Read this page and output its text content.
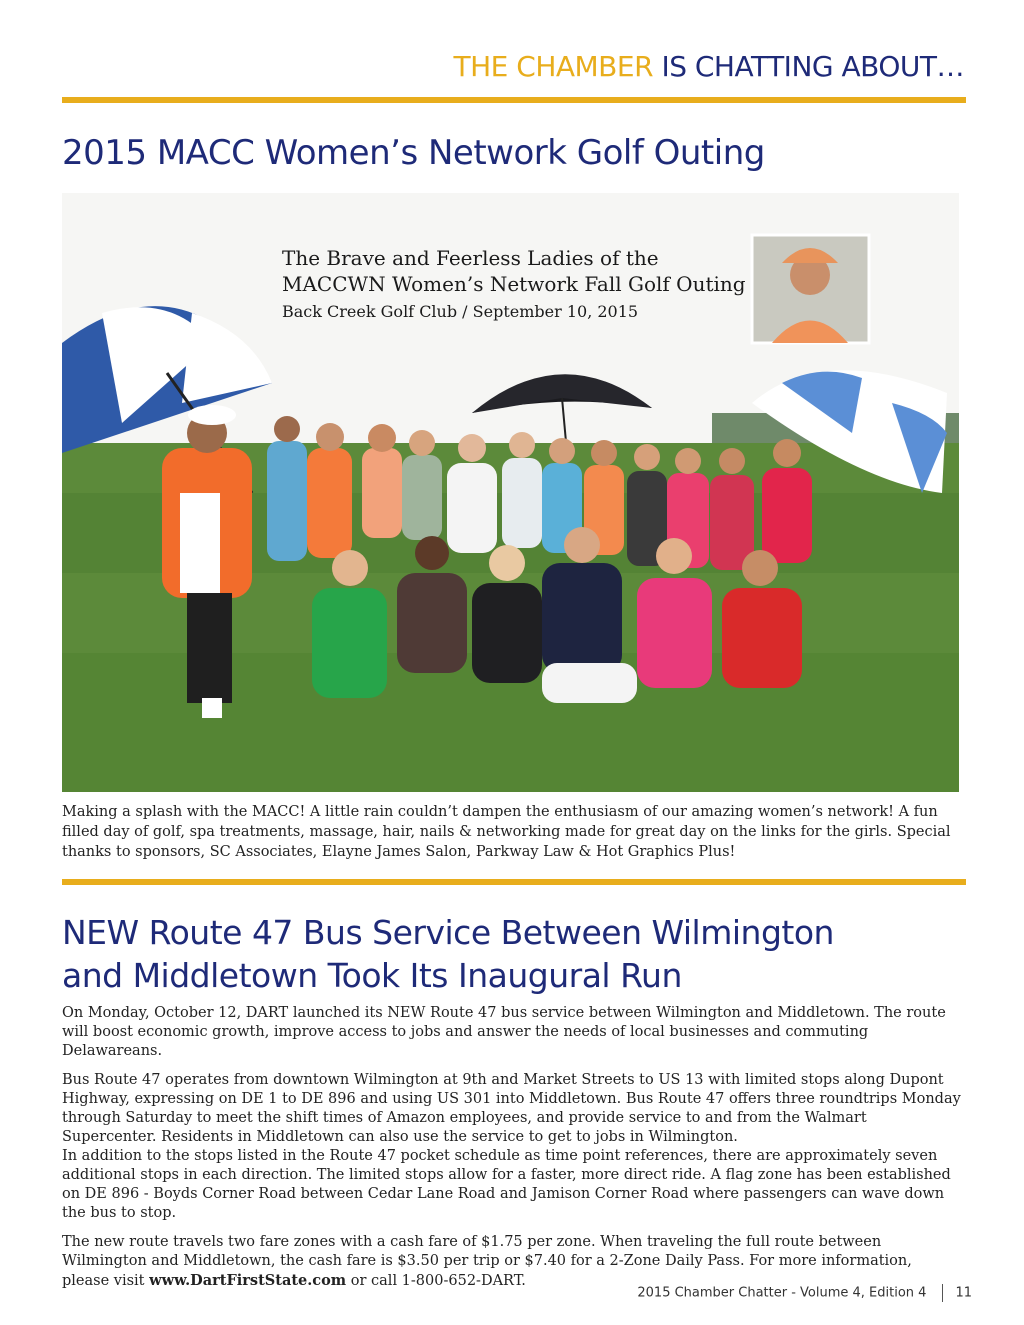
THE CHAMBER IS CHATTING ABOUT…
2015 MACC Women’s Network Golf Outing
The Brave and Feerless Ladies of the
MACCWN Women’s Network Fall Golf Outing
Back Creek Golf Club / September 10, 2015
Making a splash with the MACC! A little rain couldn’t dampen the enthusiasm of our amazing women’s network! A fun filled day of golf, spa treatments, massage, hair, nails & networking made for great day on the links for the girls. Special thanks to sponsors, SC Associates, Elayne James Salon, Parkway Law & Hot Graphics Plus!
NEW Route 47 Bus Service Between Wilmington
and Middletown Took Its Inaugural Run

On Monday, October 12, DART launched its NEW Route 47 bus service between Wilmington and Middletown. The route will boost economic growth, improve access to jobs and answer the needs of local businesses and commuting Delawareans.

Bus Route 47 operates from downtown Wilmington at 9th and Market Streets to US 13 with limited stops along Dupont Highway, expressing on DE 1 to DE 896 and using US 301 into Middletown. Bus Route 47 offers three roundtrips Monday through Saturday to meet the shift times of Amazon employees, and provide service to and from the Walmart Supercenter. Residents in Middletown can also use the service to get to jobs in Wilmington.

In addition to the stops listed in the Route 47 pocket schedule as time point references, there are approximately seven additional stops in each direction. The limited stops allow for a faster, more direct ride. A flag zone has been established on DE 896 - Boyds Corner Road between Cedar Lane Road and Jamison Corner Road where passengers can wave down the bus to stop.

The new route travels two fare zones with a cash fare of $1.75 per zone. When traveling the full route between Wilmington and Middletown, the cash fare is $3.50 per trip or $7.40 for a 2-Zone Daily Pass. For more information,
please visit www.DartFirstState.com or call 1-800-652-DART.

2015 Chamber Chatter - Volume 4, Edition 4 11
